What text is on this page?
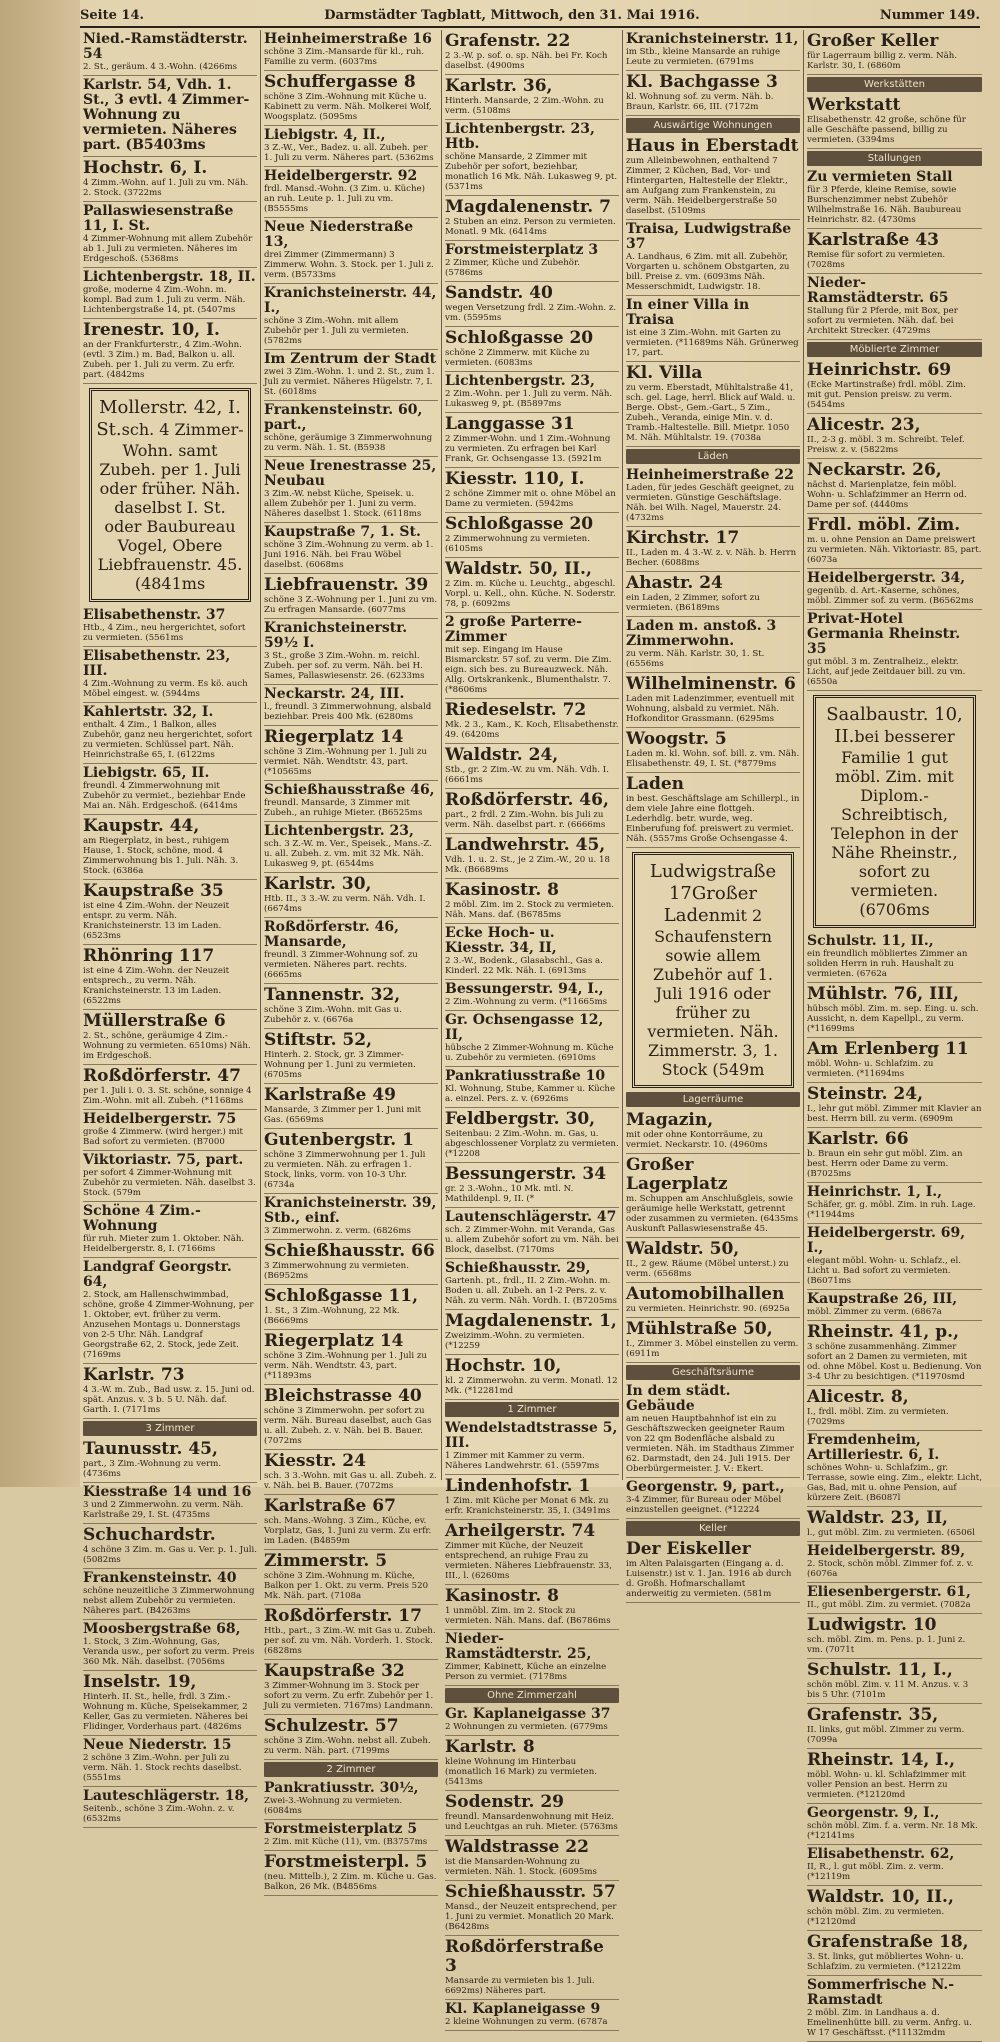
Seite 14.	Darmstädter Tagblatt, Mittwoch, den 31. Mai 1916.	Nummer 149.
Nied.-Ramstädterstr. 54
2. St., geräum. 4 3.-Wohn. (4266ms
Karlstr. 54, Vdh. 1. St., 3 evtl. 4 Zimmer-Wohnung zu vermieten. Näheres part. (B5403ms
Hochstr. 6, I.
4 Zimm.-Wohn. auf 1. Juli zu vm. Näh. 2. Stock. (3722ms
Pallaswiesenstraße 11, I. St.
4 Zimmer-Wohnung mit allem Zubehör ab 1. Juli zu vermieten. Näheres im Erdgeschoß. (5368ms
Lichtenbergstr. 18, II.
große, moderne 4 Zim.-Wohn. m. kompl. Bad zum 1. Juli zu verm. Näh. Lichtenbergstraße 14, pt. (5407ms
Irenestr. 10, I.
an der Frankfurterstr., 4 Zim.-Wohn. (evtl. 3 Zim.) m. Bad, Balkon u. all. Zubeh. per 1. Juli zu verm. Zu erfr. part. (4842ms
Mollerstr. 42, I. St.sch. 4 Zimmer-Wohn. samt Zubeh. per 1. Juli oder früher. Näh. daselbst I. St. oder Baubureau Vogel, Obere Liebfrauenstr. 45. (4841ms
Elisabethenstr. 37
Htb., 4 Zim., neu hergerichtet, sofort zu vermieten. (5561ms
Elisabethenstr. 23, III.
4 Zim.-Wohnung zu verm. Es kö. auch Möbel eingest. w. (5944ms
Kahlertstr. 32, I.
enthalt. 4 Zim., 1 Balkon, alles Zubehör, ganz neu hergerichtet, sofort zu vermieten. Schlüssel part. Näh. Heinrichstraße 65, I. (6122ms
Liebigstr. 65, II.
freundl. 4 Zimmerwohnung mit Zubehör zu vermiet., beziehbar Ende Mai an. Näh. Erdgeschoß. (6414ms
Kaupstr. 44,
am Riegerplatz, in best., ruhigem Hause, 1. Stock, schöne, mod. 4 Zimmerwohnung bis 1. Juli. Näh. 3. Stock. (6386a
Kaupstraße 35
ist eine 4 Zim.-Wohn. der Neuzeit entspr. zu verm. Näh. Kranichsteinerstr. 13 im Laden. (6523ms
Rhönring 117
ist eine 4 Zim.-Wohn. der Neuzeit entsprech., zu verm. Näh. Kranichsteinerstr. 13 im Laden. (6522ms
Müllerstraße 6
2. St., schöne, geräumige 4 Zim.-Wohnung zu vermieten. 6510ms) Näh. im Erdgeschoß.
Roßdörferstr. 47
per 1. Juli i. 0. 3. St. schöne, sonnige 4 Zim.-Wohn. mit all. Zubeh. (*1168ms
Heidelbergerstr. 75
große 4 Zimmerw. (wird herger.) mit Bad sofort zu vermieten. (B7000
Viktoriastr. 75, part.
per sofort 4 Zimmer-Wohnung mit Zubehör zu vermieten. Näh. daselbst 3. Stock. (579m
Schöne 4 Zim.-Wohnung
für ruh. Mieter zum 1. Oktober. Näh. Heidelbergerstr. 8, I. (7166ms
Landgraf Georgstr. 64,
2. Stock, am Hallenschwimmbad, schöne, große 4 Zimmer-Wohnung, per 1. Oktober, evt. früher zu verm. Anzusehen Montags u. Donnerstags von 2-5 Uhr. Näh. Landgraf Georgstraße 62, 2. Stock, jede Zeit. (7169ms
Karlstr. 73
4 3.-W. m. Zub., Bad usw. z. 15. Juni od. spät. Anzus. v. 3 b. 5 U. Näh. daf. Garth. I. (7171ms
3 Zimmer
Taunusstr. 45,
part., 3 Zim.-Wohnung zu verm. (4736ms
Kiesstraße 14 und 16
3 und 2 Zimmerwohn. zu verm. Näh. Karlstraße 29, I. St. (4735ms
Schuchardstr.
4 schöne 3 Zim. m. Gas u. Ver. p. 1. Juli. (5082ms
Frankensteinstr. 40
schöne neuzeitliche 3 Zimmerwohnung nebst allem Zubehör zu vermieten. Näheres part. (B4263ms
Moosbergstraße 68,
1. Stock, 3 Zim.-Wohnung, Gas, Veranda usw., per sofort zu verm. Preis 360 Mk. Näh. daselbst. (7056ms
Inselstr. 19,
Hinterh. II. St., helle, frdl. 3 Zim.-Wohnung m. Küche, Speisekammer, 2 Keller, Gas zu vermieten. Näheres bei Flidinger, Vorderhaus part. (4826ms
Neue Niederstr. 15
2 schöne 3 Zim.-Wohn. per Juli zu verm. Näh. 1. Stock rechts daselbst. (5551ms
Lauteschlägerstr. 18,
Seitenb., schöne 3 Zim.-Wohn. z. v. (6532ms
Heinheimerstraße 16
schöne 3 Zim.-Mansarde für kl., ruh. Familie zu verm. (6037ms
Schuffergasse 8
schöne 3 Zim.-Wohnung mit Küche u. Kabinett zu verm. Näh. Molkerei Wolf, Woogsplatz. (5095ms
Liebigstr. 4, II.,
3 Z.-W., Ver., Badez. u. all. Zubeh. per 1. Juli zu verm. Näheres part. (5362ms
Heidelbergerstr. 92
frdl. Mansd.-Wohn. (3 Zim. u. Küche) an ruh. Leute p. 1. Juli zu vm. (B5555ms
Neue Niederstraße 13,
drei Zimmer (Zimmermann) 3 Zimmerw. Wohn. 3. Stock. per 1. Juli z. verm. (B5733ms
Kranichsteinerstr. 44, I.,
schöne 3 Zim.-Wohn. mit allem Zubehör per 1. Juli zu vermieten. (5782ms
Im Zentrum der Stadt
zwei 3 Zim.-Wohn. 1. und 2. St., zum 1. Juli zu vermiet. Näheres Hügelstr. 7, I. St. (6018ms
Frankensteinstr. 60, part.,
schöne, geräumige 3 Zimmerwohnung zu verm. Näh. 1. St. (B5938
Neue Irenestrasse 25, Neubau
3 Zim.-W. nebst Küche, Speisek. u. allem Zubehör per 1. Juni zu verm. Näheres daselbst 1. Stock. (6118ms
Kaupstraße 7, 1. St.
schöne 3 Zim.-Wohnung zu verm. ab 1. Juni 1916. Näh. bei Frau Wöbel daselbst. (6068ms
Liebfrauenstr. 39
schöne 3 Z.-Wohnung per 1. Juni zu vm. Zu erfragen Mansarde. (6077ms
Kranichsteinerstr. 59½ I.
3 St., große 3 Zim.-Wohn. m. reichl. Zubeh. per sof. zu verm. Näh. bei H. Sames, Pallaswiesenstr. 26. (6233ms
Neckarstr. 24, III.
l., freundl. 3 Zimmerwohnung, alsbald beziehbar. Preis 400 Mk. (6280ms
Riegerplatz 14
schöne 3 Zim.-Wohnung per 1. Juli zu vermiet. Näh. Wendtstr. 43, part. (*10565ms
Schießhausstraße 46,
freundl. Mansarde, 3 Zimmer mit Zubeh., an ruhige Mieter. (B6525ms
Lichtenbergstr. 23,
sch. 3 Z.-W. m. Ver., Speisek., Mans.-Z. u. all. Zubeh. z. vm. mit 32 Mk. Näh. Lukasweg 9, pt. (6544ms
Karlstr. 30,
Htb. II., 3 3.-W. zu verm. Näh. Vdh. I. (6674ms
Roßdörferstr. 46, Mansarde,
freundl. 3 Zimmer-Wohnung sof. zu vermieten. Näheres part. rechts. (6665ms
Tannenstr. 32,
schöne 3 Zim.-Wohn. mit Gas u. Zubehör z. v. (6676a
Stiftstr. 52,
Hinterh. 2. Stock, gr. 3 Zimmer-Wohnung per 1. Juni zu vermieten. (6705ms
Karlstraße 49
Mansarde, 3 Zimmer per 1. Juni mit Gas. (6569ms
Gutenbergstr. 1
schöne 3 Zimmerwohnung per 1. Juli zu vermieten. Näh. zu erfragen 1. Stock, links, vorm. von 10-3 Uhr. (6734a
Kranichsteinerstr. 39, Stb., einf.
3 Zimmerwohn. z. verm. (6826ms
Schießhausstr. 66
3 Zimmerwohnung zu vermieten. (B6952ms
Schloßgasse 11,
1. St., 3 Zim.-Wohnung, 22 Mk. (B6669ms
Riegerplatz 14
schöne 3 Zim.-Wohnung per 1. Juli zu verm. Näh. Wendtstr. 43, part. (*11893ms
Bleichstrasse 40
schöne 3 Zimmerwohn. per sofort zu verm. Näh. Bureau daselbst, auch Gas u. all. Zubeh. z. v. Näh. bei B. Bauer. (7072ms
Kiesstr. 24
sch. 3 3.-Wohn. mit Gas u. all. Zubeh. z. v. Näh. bei B. Bauer. (7072ms
Karlstraße 67
sch. Mans.-Wohng. 3 Zim., Küche, ev. Vorplatz, Gas, 1. Juni zu verm. Zu erfr. im Laden. (B4859m
Zimmerstr. 5
schöne 3 Zim.-Wohnung m. Küche, Balkon per 1. Okt. zu verm. Preis 520 Mk. Näh. part. (7108a
Roßdörferstr. 17
Htb., part., 3 Zim.-W. mit Gas u. Zubeh. per sof. zu vm. Näh. Vorderh. 1. Stock. (6828ms
Kaupstraße 32
3 Zimmer-Wohnung im 3. Stock per sofort zu verm. Zu erfr. Zubehör per 1. Juli zu vermieten. 7167ms) Landmann.
Schulzestr. 57
schöne 3 Zim.-Wohn. nebst all. Zubeh. zu verm. Näh. part. (7199ms
2 Zimmer
Pankratiusstr. 30½,
Zwei-3.-Wohnung zu vermieten. (6084ms
Forstmeisterplatz 5
2 Zim. mit Küche (11), vm. (B3757ms
Forstmeisterpl. 5
(neu. Mittelb.), 2 Zim. m. Küche u. Gas. Balkon, 26 Mk. (B4856ms
Grafenstr. 22
2 3.-W. p. sof. o. sp. Näh. bei Fr. Koch daselbst. (4900ms
Karlstr. 36,
Hinterh. Mansarde, 2 Zim.-Wohn. zu verm. (5108ms
Lichtenbergstr. 23, Htb.
schöne Mansarde, 2 Zimmer mit Zubehör per sofort, beziehbar, monatlich 16 Mk. Näh. Lukasweg 9, pt. (5371ms
Magdalenenstr. 7
2 Stuben an einz. Person zu vermieten. Monatl. 9 Mk. (6414ms
Forstmeisterplatz 3
2 Zimmer, Küche und Zubehör. (5786ms
Sandstr. 40
wegen Versetzung frdl. 2 Zim.-Wohn. z. vm. (5595ms
Schloßgasse 20
schöne 2 Zimmerw. mit Küche zu vermieten. (6083ms
Lichtenbergstr. 23,
2 Zim.-Wohn. per 1. Juli zu verm. Näh. Lukasweg 9, pt. (B5897ms
Langgasse 31
2 Zimmer-Wohn. und 1 Zim.-Wohnung zu vermieten. Zu erfragen bei Karl Frank, Gr. Ochsengasse 13. (5921m
Kiesstr. 110, I.
2 schöne Zimmer mit o. ohne Möbel an Dame zu vermieten. (5942ms
Schloßgasse 20
2 Zimmerwohnung zu vermieten. (6105ms
Waldstr. 50, II.,
2 Zim. m. Küche u. Leuchtg., abgeschl. Vorpl. u. Kell., ohn. Küche. N. Soderstr. 78, p. (6092ms
2 große Parterre-Zimmer
mit sep. Eingang im Hause Bismarckstr. 57 sof. zu verm. Die Zim. eign. sich bes. zu Bureauzweck. Näh. Allg. Ortskrankenk., Blumenthalstr. 7. (*8606ms
Riedeselstr. 72
Mk. 2 3., Kam., K. Koch, Elisabethenstr. 49. (6420ms
Waldstr. 24,
Stb., gr. 2 Zim.-W. zu vm. Näh. Vdh. I. (6661ms
Roßdörferstr. 46,
part., 2 frdl. 2 Zim.-Wohn. bis Juli zu verm. Näh. daselbst part. r. (6666ms
Landwehrstr. 45,
Vdh. 1. u. 2. St., je 2 Zim.-W., 20 u. 18 Mk. (B6689ms
Kasinostr. 8
2 möbl. Zim. im 2. Stock zu vermieten. Näh. Mans. daf. (B6785ms
Ecke Hoch- u. Kiesstr. 34, II,
2 3.-W., Bodenk., Glasabschl., Gas a. Kinderl. 22 Mk. Näh. I. (6913ms
Bessungerstr. 94, I.,
2 Zim.-Wohnung zu verm. (*11665ms
Gr. Ochsengasse 12, II,
hübsche 2 Zimmer-Wohnung m. Küche u. Zubehör zu vermieten. (6910ms
Pankratiusstraße 10
Kl. Wohnung, Stube, Kammer u. Küche a. einzel. Pers. z. v. (6926ms
Feldbergstr. 30,
Seitenbau: 2 Zim.-Wohn. m. Gas, u. abgeschlossener Vorplatz zu vermieten. (*12208
Bessungerstr. 34
gr. 2 3.-Wohn., 10 Mk. mtl. N. Mathildenpl. 9, II. (*
Lautenschlägerstr. 47
sch. 2 Zimmer-Wohn. mit Veranda, Gas u. allem Zubehör sofort zu vm. Näh. bei Block, daselbst. (7170ms
Schießhausstr. 29,
Gartenh. pt., frdl., II. 2 Zim.-Wohn. m. Boden u. all. Zubeh. an 1-2 Pers. z. v. Näh. zu verm. Näh. Vordh. I. (B7205ms
Magdalenenstr. 1,
Zweizimm.-Wohn. zu vermieten. (*12259
Hochstr. 10,
kl. 2 Zimmerwohn. zu verm. Monatl. 12 Mk. (*12281md
1 Zimmer
Wendelstadtstrasse 5, III.
1 Zimmer mit Kammer zu verm. Näheres Landwehrstr. 61. (5597ms
Lindenhofstr. 1
1 Zim. mit Küche per Monat 6 Mk. zu erfr. Kranichsteinerstr. 35, I. (3491ms
Arheilgerstr. 74
Zimmer mit Küche, der Neuzeit entsprechend, an ruhige Frau zu vermieten. Näheres Liebfrauenstr. 33, III., l. (6260ms
Kasinostr. 8
1 unmöbl. Zim. im 2. Stock zu vermieten. Näh. Mans. daf. (B6786ms
Nieder-Ramstädterstr. 25,
Zimmer, Kabinett, Küche an einzelne Person zu vermiet. (7178ms
Ohne Zimmerzahl
Gr. Kaplaneigasse 37
2 Wohnungen zu vermieten. (6779ms
Karlstr. 8
kleine Wohnung im Hinterbau (monatlich 16 Mark) zu vermieten. (5413ms
Sodenstr. 29
freundl. Mansardenwohnung mit Heiz. und Leuchtgas an ruh. Mieter. (5763ms
Waldstrasse 22
ist die Mansarden-Wohnung zu vermieten. Näh. 1. Stock. (6095ms
Schießhausstr. 57
Mansd., der Neuzeit entsprechend, per 1. Juni zu vermiet. Monatlich 20 Mark. (B6428ms
Roßdörferstraße 3
Mansarde zu vermieten bis 1. Juli. 6692ms) Näheres part.
Kl. Kaplaneigasse 9
2 kleine Wohnungen zu verm. (6787a
Kranichsteinerstr. 11,
im Stb., kleine Mansarde an ruhige Leute zu vermieten. (6791ms
Kl. Bachgasse 3
kl. Wohnung sof. zu verm. Näh. b. Braun, Karlstr. 66, III. (7172m
Auswärtige Wohnungen
Haus in Eberstadt
zum Alleinbewohnen, enthaltend 7 Zimmer, 2 Küchen, Bad, Vor- und Hintergarten, Haltestelle der Elektr., am Aufgang zum Frankenstein, zu verm. Näh. Heidelbergerstraße 50 daselbst. (5109ms
Traisa, Ludwigstraße 37
A. Landhaus, 6 Zim. mit all. Zubehör, Vorgarten u. schönem Obstgarten, zu bill. Preise z. vm. (6093ms Näh. Messerschmidt, Ludwigstr. 18.
In einer Villa in Traisa
ist eine 3 Zim.-Wohn. mit Garten zu vermieten. (*11689ms Näh. Grünerweg 17, part.
Kl. Villa
zu verm. Eberstadt, Mühltalstraße 41, sch. gel. Lage, herrl. Blick auf Wald. u. Berge. Obst-, Gem.-Gart., 5 Zim., Zubeh., Veranda, einige Min. v. d. Tramb.-Haltestelle. Bill. Mietpr. 1050 M. Näh. Mühltalstr. 19. (7038a
Läden
Heinheimerstraße 22
Laden, für jedes Geschäft geeignet, zu vermieten. Günstige Geschäftslage. Näh. bei Wilh. Nagel, Mauerstr. 24. (4732ms
Kirchstr. 17
II., Laden m. 4 3.-W. z. v. Näh. b. Herrn Becher. (6088ms
Ahastr. 24
ein Laden, 2 Zimmer, sofort zu vermieten. (B6189ms
Laden m. anstoß. 3 Zimmerwohn.
zu verm. Näh. Karlstr. 30, 1. St. (6556ms
Wilhelminenstr. 6
Laden mit Ladenzimmer, eventuell mit Wohnung, alsbald zu vermiet. Näh. Hofkonditor Grassmann. (6295ms
Woogstr. 5
Laden m. kl. Wohn. sof. bill. z. vm. Näh. Elisabethenstr. 49, I. St. (*8779ms
Laden
in best. Geschäftslage am Schillerpl., in dem viele Jahre eine flottgeh. Lederhdlg. betr. wurde, weg. Einberufung fof. preiswert zu vermiet. Näh. (5557ms Große Ochsengasse 4.
Ludwigstraße 17Großer Ladenmit 2 Schaufenstern sowie allem Zubehör auf 1. Juli 1916 oder früher zu vermieten. Näh. Zimmerstr. 3, 1. Stock (549m
Lagerräume
Magazin,
mit oder ohne Kontorräume, zu vermiet. Neckarstr. 10. (4960ms
Großer Lagerplatz
m. Schuppen am Anschlußgleis, sowie geräumige helle Werkstatt, getrennt oder zusammen zu vermieten. (6435ms Auskunft Pallaswiesenstraße 45.
Waldstr. 50,
II., 2 gew. Räume (Möbel unterst.) zu verm. (6568ms
Automobilhallen
zu vermieten. Heinrichstr. 90. (6925a
Mühlstraße 50,
I., Zimmer 3. Möbel einstellen zu verm. (6911m
Geschäftsräume
In dem städt. Gebäude
am neuen Hauptbahnhof ist ein zu Geschäftszwecken geeigneter Raum von 22 qm Bodenfläche alsbald zu vermieten. Näh. im Stadthaus Zimmer 62. Darmstadt, den 24. Juli 1915. Der Oberbürgermeister. J. V.: Ekert.
Georgenstr. 9, part.,
3-4 Zimmer, für Bureau oder Möbel einzustellen geeignet. (*12224
Keller
Der Eiskeller
im Alten Palaisgarten (Eingang a. d. Luisenstr.) ist v. 1. Jan. 1916 ab durch d. Großh. Hofmarschallamt anderweitig zu vermieten. (581m
Großer Keller
für Lagerraum billig z. verm. Näh. Karlstr. 30, I. (6860m
Werkstätten
Werkstatt
Elisabethenstr. 42 große, schöne für alle Geschäfte passend, billig zu vermieten. (3394ms
Stallungen
Zu vermieten Stall
für 3 Pferde, kleine Remise, sowie Burschenzimmer nebst Zubehör Wilhelmstraße 16. Näh. Baubureau Heinrichstr. 82. (4730ms
Karlstraße 43
Remise für sofort zu vermieten. (7028ms
Nieder-Ramstädterstr. 65
Stallung für 2 Pferde, mit Box, per sofort zu vermieten. Näh. daf. bei Architekt Strecker. (4729ms
Möblierte Zimmer
Heinrichstr. 69
(Ecke Martinstraße) frdl. möbl. Zim. mit gut. Pension preisw. zu verm. (5454ms
Alicestr. 23,
II., 2-3 g. möbl. 3 m. Schreibt. Telef. Preisw. z. v. (5822ms
Neckarstr. 26,
nächst d. Marienplatze, fein möbl. Wohn- u. Schlafzimmer an Herrn od. Dame per sof. (4440ms
Frdl. möbl. Zim.
m. u. ohne Pension an Dame preiswert zu vermieten. Näh. Viktoriastr. 85, part. (6073a
Heidelbergerstr. 34,
gegenüb. d. Art.-Kaserne, schönes, möbl. Zimmer sof. zu verm. (B6562ms
Privat-Hotel Germania Rheinstr. 35
gut möbl. 3 m. Zentralheiz., elektr. Licht, auf jede Zeitdauer bill. zu vm. (6550a
Saalbaustr. 10, II.bei besserer Familie 1 gut möbl. Zim. mit Diplom.-Schreibtisch, Telephon in der Nähe Rheinstr., sofort zu vermieten. (6706ms
Schulstr. 11, II.,
ein freundlich möbliertes Zimmer an soliden Herrn in ruh. Haushalt zu vermieten. (6762a
Mühlstr. 76, III,
hübsch möbl. Zim. m. sep. Eing. u. sch. Aussicht, n. dem Kapellpl., zu verm. (*11699ms
Am Erlenberg 11
möbl. Wohn- u. Schlafzim. zu vermieten. (*11694ms
Steinstr. 24,
I., lehr gut möbl. Zimmer mit Klavier an best. Herrn bill. zu verm. (6909m
Karlstr. 66
b. Braun ein sehr gut möbl. Zim. an best. Herrn oder Dame zu verm. (B7025ms
Heinrichstr. 1, I.,
Schäfer, gr. g. möbl. Zim. in ruh. Lage. (*11944ms
Heidelbergerstr. 69, I.,
elegant möbl. Wohn- u. Schlafz., el. Licht u. Bad sofort zu vermieten. (B6071ms
Kaupstraße 26, III,
möbl. Zimmer zu verm. (6867a
Rheinstr. 41, p.,
3 schöne zusammenhäng. Zimmer sofort an 2 Damen zu vermieten, mit od. ohne Möbel. Kost u. Bedienung. Von 3-4 Uhr zu besichtigen. (*11970smd
Alicestr. 8,
I., frdl. möbl. Zim. zu vermieten. (7029ms
Fremdenheim, Artilleriestr. 6, I.
schönes Wohn- u. Schlafzim., gr. Terrasse, sowie eing. Zim., elektr. Licht, Gas, Bad, mit u. ohne Pension, auf kürzere Zeit. (B6087l
Waldstr. 23, II,
l., gut möbl. Zim. zu vermieten. (6506l
Heidelbergerstr. 89,
2. Stock, schön möbl. Zimmer fof. z. v. (6076a
Eliesenbergerstr. 61,
II., gut möbl. Zim. zu vermiet. (7082a
Ludwigstr. 10
sch. möbl. Zim. m. Pens. p. 1. Juni z. vm. (7071t
Schulstr. 11, I.,
schön möbl. Zim. v. 11 M. Anzus. v. 3 bis 5 Uhr. (7101m
Grafenstr. 35,
II. links, gut möbl. Zimmer zu verm. (7099a
Rheinstr. 14, I.,
möbl. Wohn- u. kl. Schlafzimmer mit voller Pension an best. Herrn zu vermieten. (*12120md
Georgenstr. 9, I.,
schön möbl. Zim. f. a. verm. Nr. 18 Mk. (*12141ms
Elisabethenstr. 62,
II, R., l. gut möbl. Zim. z. verm. (*12119m
Waldstr. 10, II.,
schön möbl. Zim. zu vermieten. (*12120md
Grafenstraße 18,
3. St. links, gut möbliertes Wohn- u. Schlafzim. zu vermieten. (*12122m
Sommerfrische N.-Ramstadt
2 möbl. Zim. in Landhaus a. d. Emelinenhütte bill. zu verm. Anfrg. u. W 17 Geschäftsst. (*11132mdm
